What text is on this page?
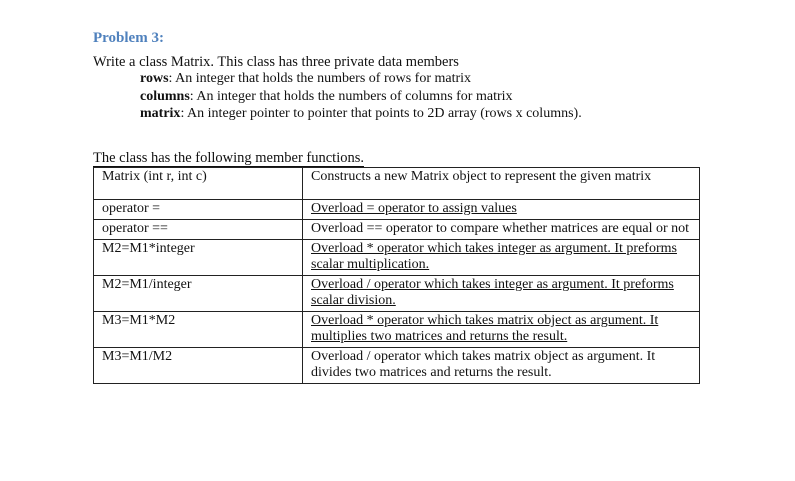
Problem 3:
Write a class Matrix. This class has three private data members
rows: An integer that holds the numbers of rows for matrix
columns: An integer that holds the numbers of columns for matrix
matrix: An integer pointer to pointer that points to 2D array (rows x columns).
The class has the following member functions.
Matrix (int r, int c)	Constructs a new Matrix object to represent the given matrix
operator =	Overload = operator to assign values
operator ==	Overload == operator to compare whether matrices are equal or not
M2=M1*integer	Overload * operator which takes integer as argument. It preforms scalar multiplication.
M2=M1/integer	Overload / operator which takes integer as argument. It preforms scalar division.
M3=M1*M2	Overload * operator which takes matrix object as argument. It multiplies two matrices and returns the result.
M3=M1/M2	Overload / operator which takes matrix object as argument. It divides two matrices and returns the result.
